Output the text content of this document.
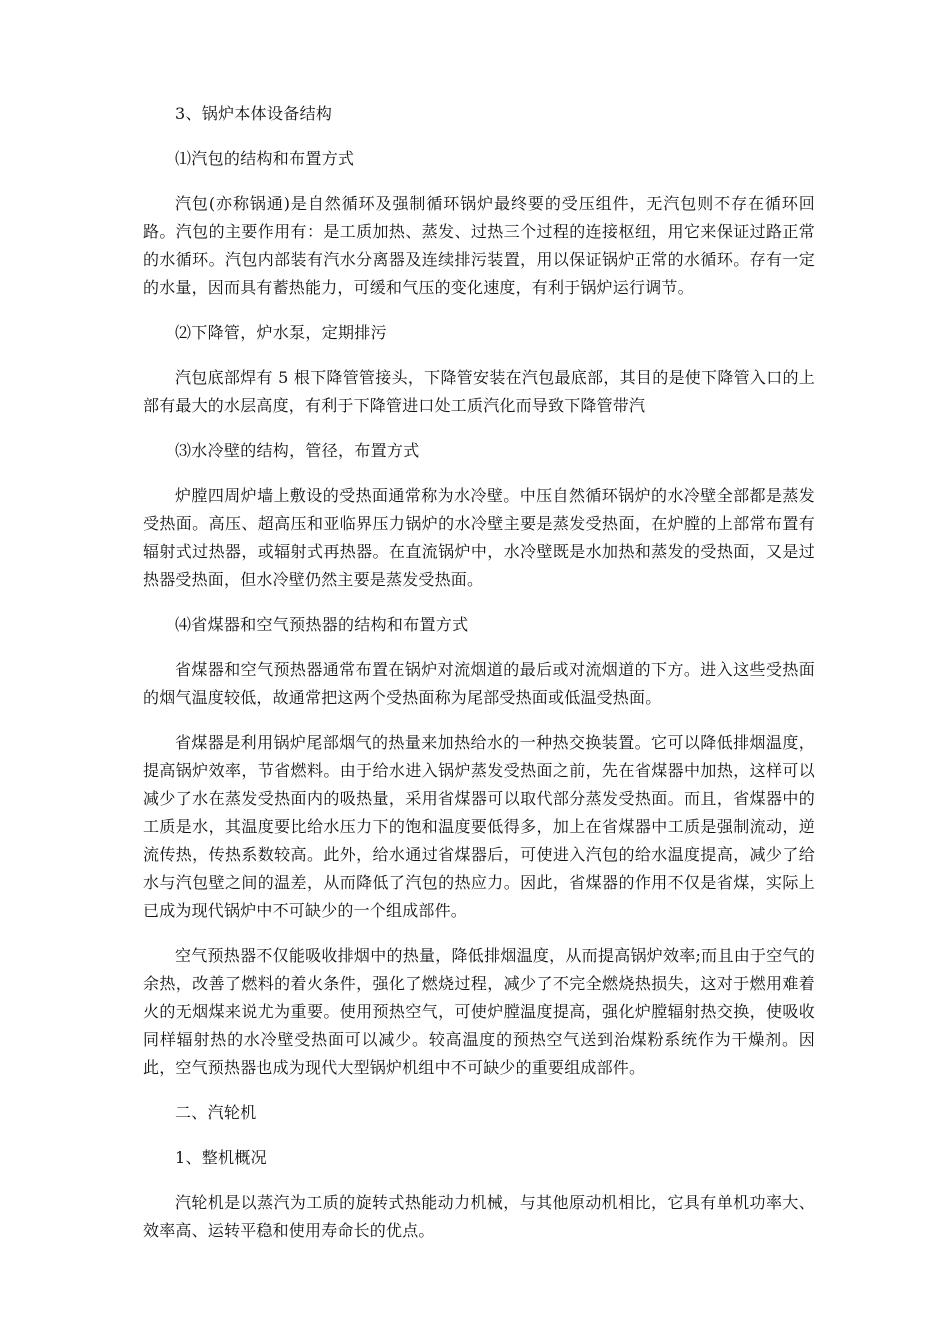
3、锅炉本体设备结构

⑴汽包的结构和布置方式

汽包(亦称锅通)是自然循环及强制循环锅炉最终要的受压组件，无汽包则不存在循环回路。汽包的主要作用有：是工质加热、蒸发、过热三个过程的连接枢纽，用它来保证过路正常的水循环。汽包内部装有汽水分离器及连续排污装置，用以保证锅炉正常的水循环。存有一定的水量，因而具有蓄热能力，可缓和气压的变化速度，有利于锅炉运行调节。

⑵下降管，炉水泵，定期排污

汽包底部焊有 5 根下降管管接头，下降管安装在汽包最底部，其目的是使下降管入口的上部有最大的水层高度，有利于下降管进口处工质汽化而导致下降管带汽

⑶水冷壁的结构，管径，布置方式

炉膛四周炉墙上敷设的受热面通常称为水冷壁。中压自然循环锅炉的水冷壁全部都是蒸发受热面。高压、超高压和亚临界压力锅炉的水冷壁主要是蒸发受热面，在炉膛的上部常布置有辐射式过热器，或辐射式再热器。在直流锅炉中，水冷壁既是水加热和蒸发的受热面，又是过热器受热面，但水冷壁仍然主要是蒸发受热面。

⑷省煤器和空气预热器的结构和布置方式

省煤器和空气预热器通常布置在锅炉对流烟道的最后或对流烟道的下方。进入这些受热面的烟气温度较低，故通常把这两个受热面称为尾部受热面或低温受热面。

省煤器是利用锅炉尾部烟气的热量来加热给水的一种热交换装置。它可以降低排烟温度，提高锅炉效率，节省燃料。由于给水进入锅炉蒸发受热面之前，先在省煤器中加热，这样可以减少了水在蒸发受热面内的吸热量，采用省煤器可以取代部分蒸发受热面。而且，省煤器中的工质是水，其温度要比给水压力下的饱和温度要低得多，加上在省煤器中工质是强制流动，逆流传热，传热系数较高。此外，给水通过省煤器后，可使进入汽包的给水温度提高，减少了给水与汽包壁之间的温差，从而降低了汽包的热应力。因此，省煤器的作用不仅是省煤，实际上已成为现代锅炉中不可缺少的一个组成部件。

空气预热器不仅能吸收排烟中的热量，降低排烟温度，从而提高锅炉效率;而且由于空气的余热，改善了燃料的着火条件，强化了燃烧过程，减少了不完全燃烧热损失，这对于燃用难着火的无烟煤来说尤为重要。使用预热空气，可使炉膛温度提高，强化炉膛辐射热交换，使吸收同样辐射热的水冷壁受热面可以减少。较高温度的预热空气送到治煤粉系统作为干燥剂。因此，空气预热器也成为现代大型锅炉机组中不可缺少的重要组成部件。

二、汽轮机

1、整机概况

汽轮机是以蒸汽为工质的旋转式热能动力机械，与其他原动机相比，它具有单机功率大、效率高、运转平稳和使用寿命长的优点。
